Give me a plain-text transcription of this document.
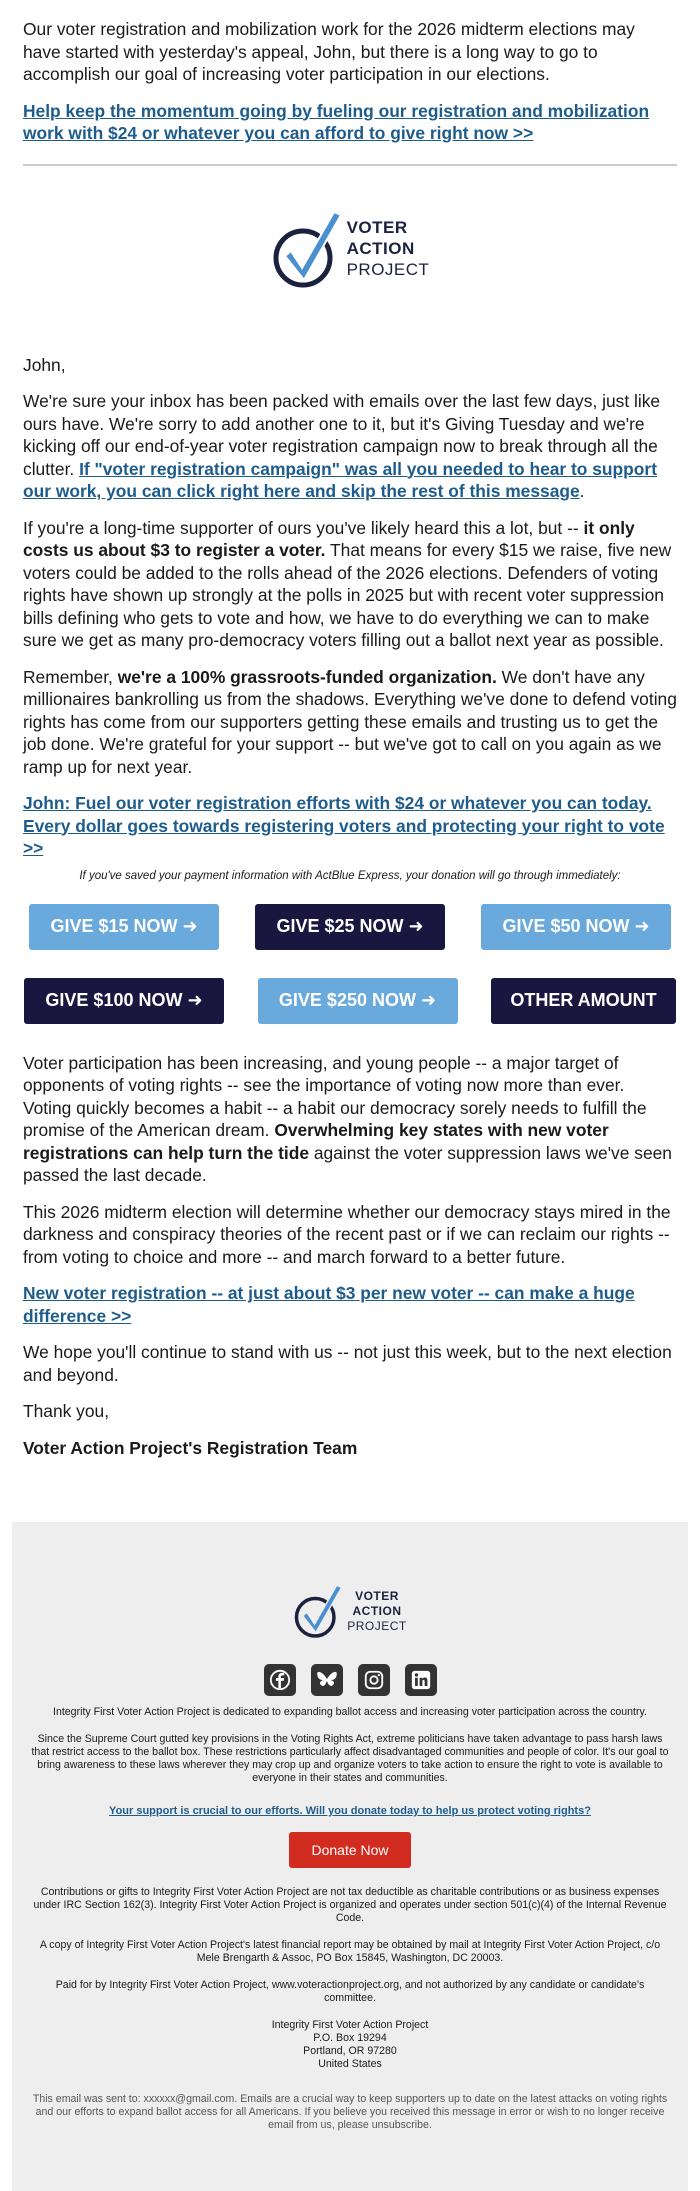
Our voter registration and mobilization work for the 2026 midterm elections may have started with yesterday's appeal, John, but there is a long way to go to accomplish our goal of increasing voter participation in our elections.

Help keep the momentum going by fueling our registration and mobilization work with $24 or whatever you can afford to give right now >>

VOTER
ACTION
PROJECT

John,

We're sure your inbox has been packed with emails over the last few days, just like ours have. We're sorry to add another one to it, but it's Giving Tuesday and we're kicking off our end-of-year voter registration campaign now to break through all the clutter. If "voter registration campaign" was all you needed to hear to support our work, you can click right here and skip the rest of this message.

If you're a long-time supporter of ours you've likely heard this a lot, but -- it only costs us about $3 to register a voter. That means for every $15 we raise, five new voters could be added to the rolls ahead of the 2026 elections. Defenders of voting rights have shown up strongly at the polls in 2025 but with recent voter suppression bills defining who gets to vote and how, we have to do everything we can to make sure we get as many pro-democracy voters filling out a ballot next year as possible.

Remember, we're a 100% grassroots-funded organization. We don't have any millionaires bankrolling us from the shadows. Everything we've done to defend voting rights has come from our supporters getting these emails and trusting us to get the job done. We're grateful for your support -- but we've got to call on you again as we ramp up for next year.

John: Fuel our voter registration efforts with $24 or whatever you can today. Every dollar goes towards registering voters and protecting your right to vote >>

If you've saved your payment information with ActBlue Express, your donation will go through immediately:

GIVE $15 NOW ➜	GIVE $25 NOW ➜	GIVE $50 NOW ➜
GIVE $100 NOW ➜	GIVE $250 NOW ➜	OTHER AMOUNT

Voter participation has been increasing, and young people -- a major target of opponents of voting rights -- see the importance of voting now more than ever. Voting quickly becomes a habit -- a habit our democracy sorely needs to fulfill the promise of the American dream. Overwhelming key states with new voter registrations can help turn the tide against the voter suppression laws we've seen passed the last decade.

This 2026 midterm election will determine whether our democracy stays mired in the darkness and conspiracy theories of the recent past or if we can reclaim our rights -- from voting to choice and more -- and march forward to a better future.

New voter registration -- at just about $3 per new voter -- can make a huge difference >>

We hope you'll continue to stand with us -- not just this week, but to the next election and beyond.

Thank you,

Voter Action Project's Registration Team

VOTER
ACTION
PROJECT

Integrity First Voter Action Project is dedicated to expanding ballot access and increasing voter participation across the country.

Since the Supreme Court gutted key provisions in the Voting Rights Act, extreme politicians have taken advantage to pass harsh laws that restrict access to the ballot box. These restrictions particularly affect disadvantaged communities and people of color. It's our goal to bring awareness to these laws wherever they may crop up and organize voters to take action to ensure the right to vote is available to everyone in their states and communities.

Your support is crucial to our efforts. Will you donate today to help us protect voting rights?
Donate Now

Contributions or gifts to Integrity First Voter Action Project are not tax deductible as charitable contributions or as business expenses under IRC Section 162(3). Integrity First Voter Action Project is organized and operates under section 501(c)(4) of the Internal Revenue Code.

A copy of Integrity First Voter Action Project's latest financial report may be obtained by mail at Integrity First Voter Action Project, c/o Mele Brengarth & Assoc, PO Box 15845, Washington, DC 20003.

Paid for by Integrity First Voter Action Project, www.voteractionproject.org, and not authorized by any candidate or candidate's committee.

Integrity First Voter Action Project

P.O. Box 19294

Portland, OR 97280

United States

This email was sent to: xxxxxx@gmail.com. Emails are a crucial way to keep supporters up to date on the latest attacks on voting rights and our efforts to expand ballot access for all Americans. If you believe you received this message in error or wish to no longer receive email from us, please unsubscribe.
